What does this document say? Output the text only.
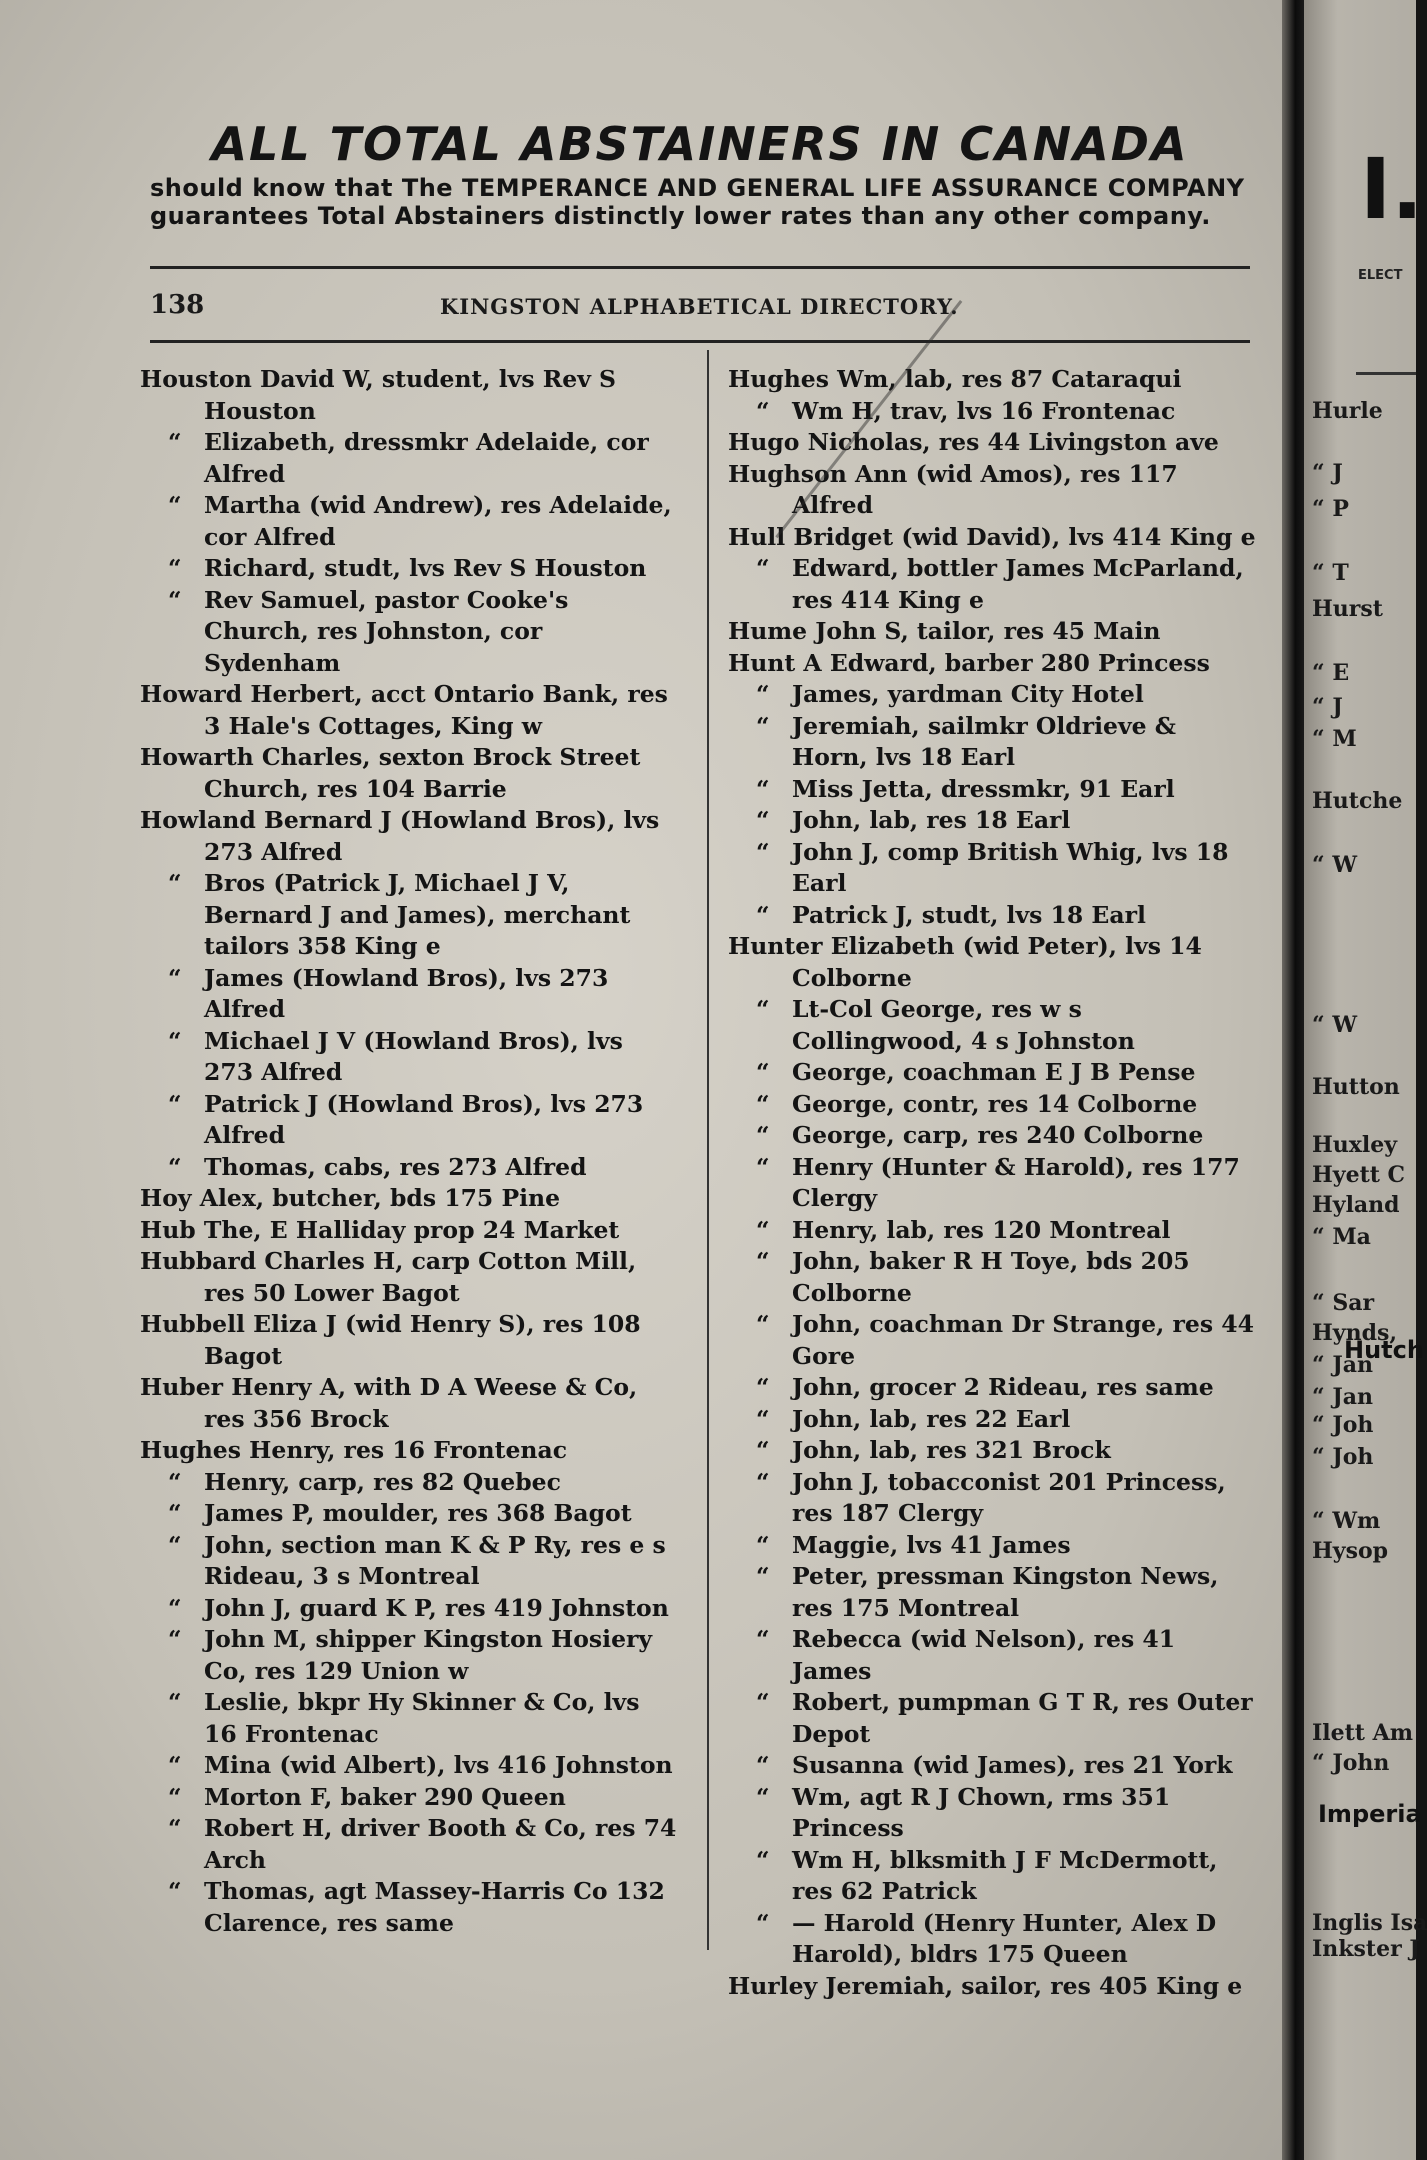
ALL TOTAL ABSTAINERS IN CANADA
should know that The TEMPERANCE AND GENERAL LIFE ASSURANCE COMPANY guarantees Total Abstainers distinctly lower rates than any other company.
138	KINGSTON ALPHABETICAL DIRECTORY.
Houston David W, student, lvs Rev S Houston
“ Elizabeth, dressmkr Adelaide, cor Alfred
“ Martha (wid Andrew), res Adelaide, cor Alfred
“ Richard, studt, lvs Rev S Houston
“ Rev Samuel, pastor Cooke's Church, res Johnston, cor Sydenham
Howard Herbert, acct Ontario Bank, res 3 Hale's Cottages, King w
Howarth Charles, sexton Brock Street Church, res 104 Barrie
Howland Bernard J (Howland Bros), lvs 273 Alfred
“ Bros (Patrick J, Michael J V, Bernard J and James), merchant tailors 358 King e
“ James (Howland Bros), lvs 273 Alfred
“ Michael J V (Howland Bros), lvs 273 Alfred
“ Patrick J (Howland Bros), lvs 273 Alfred
“ Thomas, cabs, res 273 Alfred
Hoy Alex, butcher, bds 175 Pine
Hub The, E Halliday prop 24 Market
Hubbard Charles H, carp Cotton Mill, res 50 Lower Bagot
Hubbell Eliza J (wid Henry S), res 108 Bagot
Huber Henry A, with D A Weese & Co, res 356 Brock
Hughes Henry, res 16 Frontenac
“ Henry, carp, res 82 Quebec
“ James P, moulder, res 368 Bagot
“ John, section man K & P Ry, res e s Rideau, 3 s Montreal
“ John J, guard K P, res 419 Johnston
“ John M, shipper Kingston Hosiery Co, res 129 Union w
“ Leslie, bkpr Hy Skinner & Co, lvs 16 Frontenac
“ Mina (wid Albert), lvs 416 Johnston
“ Morton F, baker 290 Queen
“ Robert H, driver Booth & Co, res 74 Arch
“ Thomas, agt Massey-Harris Co 132 Clarence, res same
Hughes Wm, lab, res 87 Cataraqui
“ Wm H, trav, lvs 16 Frontenac
Hugo Nicholas, res 44 Livingston ave
Hughson Ann (wid Amos), res 117 Alfred
Hull Bridget (wid David), lvs 414 King e
“ Edward, bottler James McParland, res 414 King e
Hume John S, tailor, res 45 Main
Hunt A Edward, barber 280 Princess
“ James, yardman City Hotel
“ Jeremiah, sailmkr Oldrieve & Horn, lvs 18 Earl
“ Miss Jetta, dressmkr, 91 Earl
“ John, lab, res 18 Earl
“ John J, comp British Whig, lvs 18 Earl
“ Patrick J, studt, lvs 18 Earl
Hunter Elizabeth (wid Peter), lvs 14 Colborne
“ Lt-Col George, res w s Collingwood, 4 s Johnston
“ George, coachman E J B Pense
“ George, contr, res 14 Colborne
“ George, carp, res 240 Colborne
“ Henry (Hunter & Harold), res 177 Clergy
“ Henry, lab, res 120 Montreal
“ John, baker R H Toye, bds 205 Colborne
“ John, coachman Dr Strange, res 44 Gore
“ John, grocer 2 Rideau, res same
“ John, lab, res 22 Earl
“ John, lab, res 321 Brock
“ John J, tobacconist 201 Princess, res 187 Clergy
“ Maggie, lvs 41 James
“ Peter, pressman Kingston News, res 175 Montreal
“ Rebecca (wid Nelson), res 41 James
“ Robert, pumpman G T R, res Outer Depot
“ Susanna (wid James), res 21 York
“ Wm, agt R J Chown, rms 351 Princess
“ Wm H, blksmith J F McDermott, res 62 Patrick
“ — Harold (Henry Hunter, Alex D Harold), bldrs 175 Queen
Hurley Jeremiah, sailor, res 405 King e
I.
ELECT
Hurle
“ J
“ P
“ T
Hurst
“ E
“ J
“ M
Hutche
“ W
“ W
Hutton
Huxley
Hyett C
Hyland
“ Ma
“ Sar
Hynds,
“ Jan
“ Jan
“ Joh
“ Joh
“ Wm
Hysop
Ilett Am
“ John
Inglis Isa
Inkster J
Hutch
Imperia
